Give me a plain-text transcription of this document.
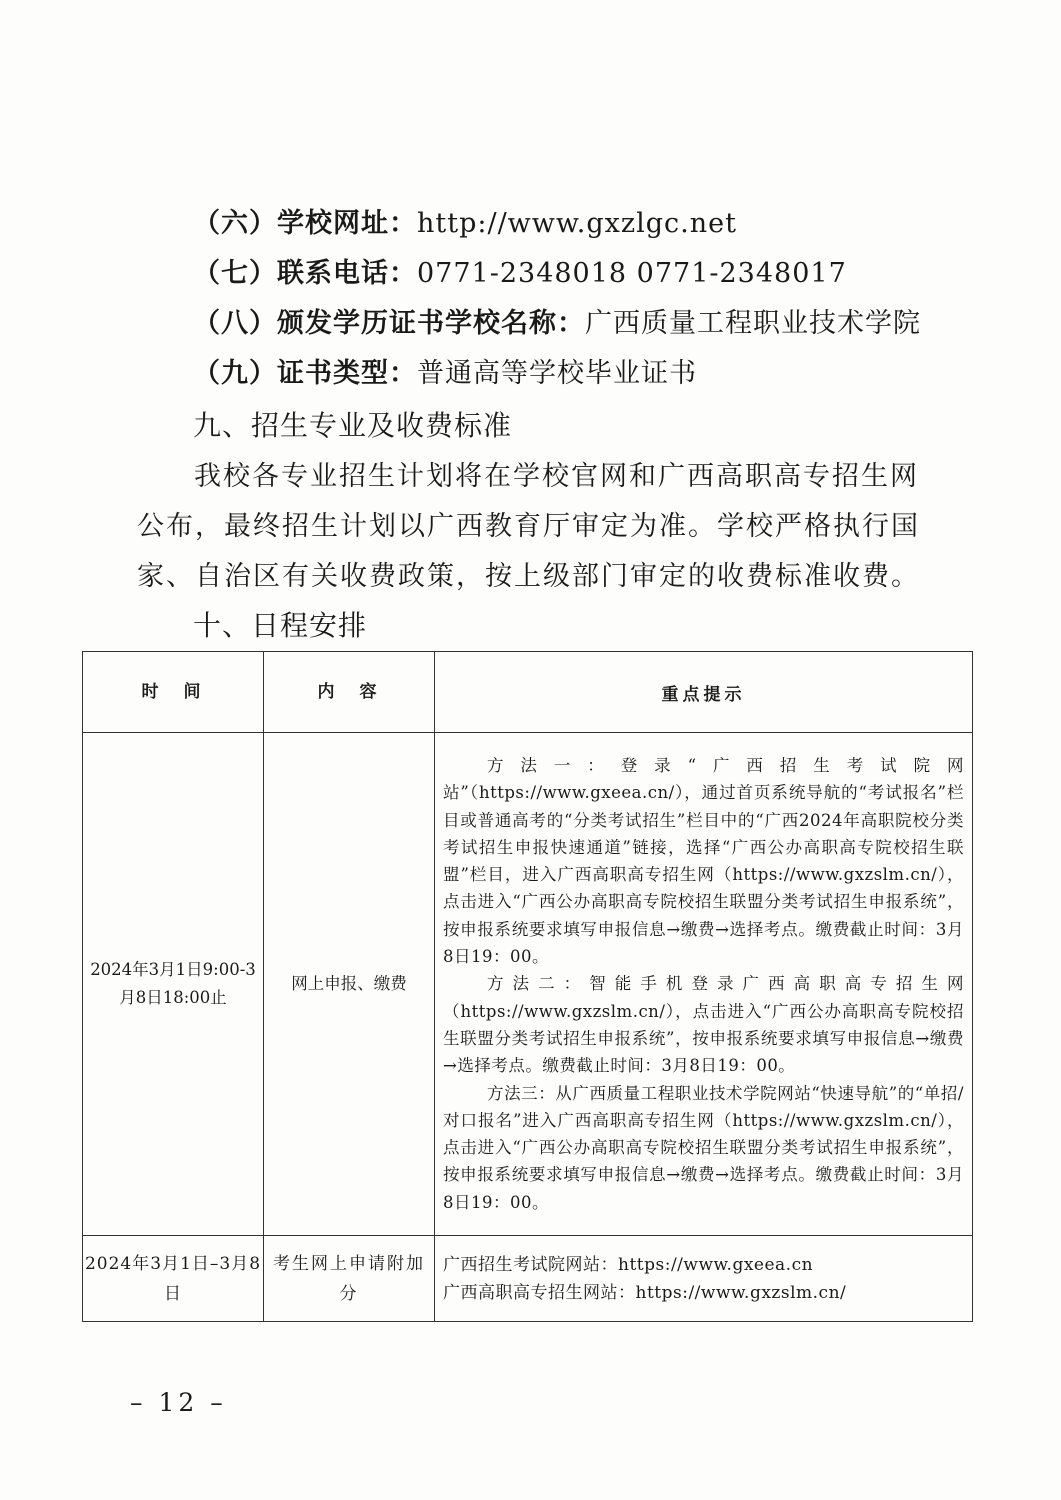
（六）学校网址：http://www.gxzlgc.net
（七）联系电话：0771-2348018 0771-2348017
（八）颁发学历证书学校名称：广西质量工程职业技术学院
（九）证书类型：普通高等学校毕业证书
九、招生专业及收费标准

我校各专业招生计划将在学校官网和广西高职高专招生网公布，最终招生计划以广西教育厅审定为准。学校严格执行国家、自治区有关收费政策，按上级部门审定的收费标准收费。

十、日程安排
时　间	内　容	重点提示
2024年3月1日9:00-3月8日18:00止	网上申报、缴费	方法一：登录“广西招生考试院网站”（https://www.gxeea.cn/），通过首页系统导航的“考试报名”栏目或普通高考的“分类考试招生”栏目中的“广西2024年高职院校分类考试招生申报快速通道”链接，选择“广西公办高职高专院校招生联盟”栏目，进入广西高职高专招生网（https://www.gxzslm.cn/），点击进入“广西公办高职高专院校招生联盟分类考试招生申报系统”，按申报系统要求填写申报信息→缴费→选择考点。缴费截止时间：3月8日19：00。

方法二：智能手机登录广西高职高专招生网（https://www.gxzslm.cn/），点击进入“广西公办高职高专院校招生联盟分类考试招生申报系统”，按申报系统要求填写申报信息→缴费→选择考点。缴费截止时间：3月8日19：00。

方法三：从广西质量工程职业技术学院网站“快速导航”的“单招/对口报名”进入广西高职高专招生网（https://www.gxzslm.cn/），点击进入“广西公办高职高专院校招生联盟分类考试招生申报系统”，按申报系统要求填写申报信息→缴费→选择考点。缴费截止时间：3月8日19：00。

2024年3月1日–3月8日	考生网上申请附加分	广西招生考试院网站：https://www.gxeea.cn

广西高职高专招生网站：https://www.gxzslm.cn/

– 12 –
